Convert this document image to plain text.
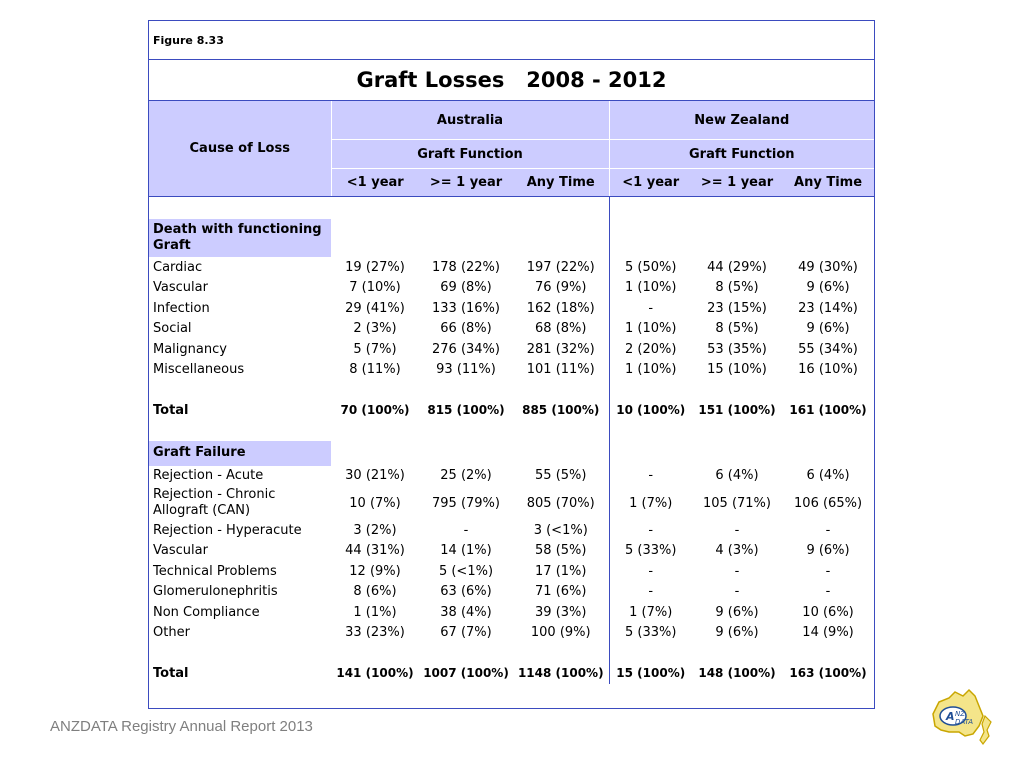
Figure 8.33						
Graft Losses   2008 - 2012						
Cause of Loss	Australia			New Zealand		
	Graft Function			Graft Function		
	<1 year	>= 1 year	Any Time	<1 year	>= 1 year	Any Time

Death with functioning Graft						
Cardiac	19 (27%)	178 (22%)	197 (22%)	5 (50%)	44 (29%)	49 (30%)
Vascular	7 (10%)	69 (8%)	76 (9%)	1 (10%)	8 (5%)	9 (6%)
Infection	29 (41%)	133 (16%)	162 (18%)	-	23 (15%)	23 (14%)
Social	2 (3%)	66 (8%)	68 (8%)	1 (10%)	8 (5%)	9 (6%)
Malignancy	5 (7%)	276 (34%)	281 (32%)	2 (20%)	53 (35%)	55 (34%)
Miscellaneous	8 (11%)	93 (11%)	101 (11%)	1 (10%)	15 (10%)	16 (10%)

Total	70 (100%)	815 (100%)	885 (100%)	10 (100%)	151 (100%)	161 (100%)

Graft Failure						
Rejection - Acute	30 (21%)	25 (2%)	55 (5%)	-	6 (4%)	6 (4%)
Rejection - Chronic Allograft (CAN)	10 (7%)	795 (79%)	805 (70%)	1 (7%)	105 (71%)	106 (65%)
Rejection - Hyperacute	3 (2%)	-	3 (<1%)	-	-	-
Vascular	44 (31%)	14 (1%)	58 (5%)	5 (33%)	4 (3%)	9 (6%)
Technical Problems	12 (9%)	5 (<1%)	17 (1%)	-	-	-
Glomerulonephritis	8 (6%)	63 (6%)	71 (6%)	-	-	-
Non Compliance	1 (1%)	38 (4%)	39 (3%)	1 (7%)	9 (6%)	10 (6%)
Other	33 (23%)	67 (7%)	100 (9%)	5 (33%)	9 (6%)	14 (9%)

Total	141 (100%)	1007 (100%)	1148 (100%)	15 (100%)	148 (100%)	163 (100%)
ANZDATA Registry Annual Report 2013
A NZ
DATA
